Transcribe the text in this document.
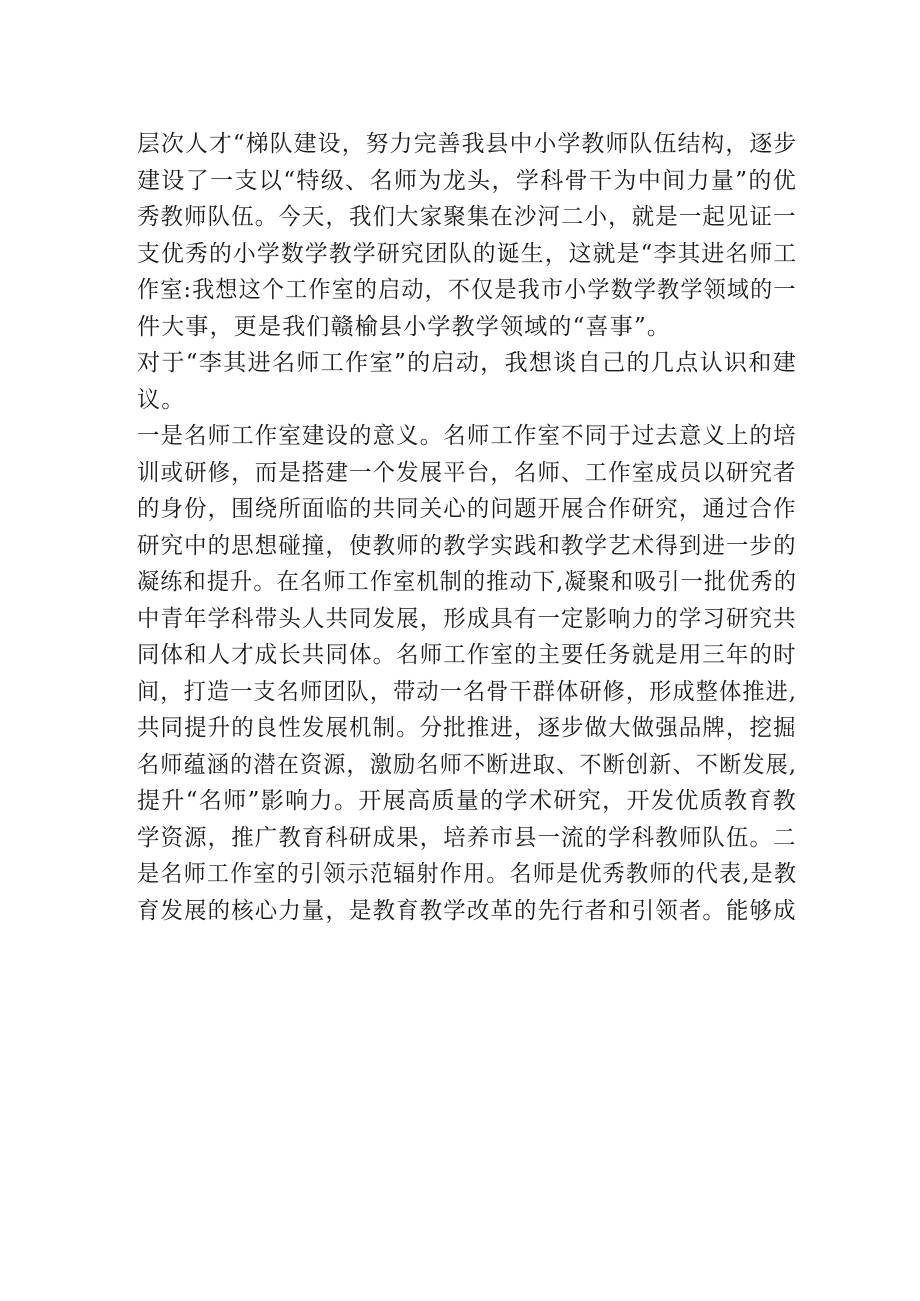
层次人才“梯队建设，努力完善我县中小学教师队伍结构，逐步
建设了一支以“特级、名师为龙头，学科骨干为中间力量”的优
秀教师队伍。今天，我们大家聚集在沙河二小，就是一起见证一
支优秀的小学数学教学研究团队的诞生，这就是“李其进名师工
作室:我想这个工作室的启动，不仅是我市小学数学教学领域的一
件大事，更是我们赣榆县小学教学领域的“喜事”。
对于“李其进名师工作室”的启动，我想谈自己的几点认识和建
议。
一是名师工作室建设的意义。名师工作室不同于过去意义上的培
训或研修，而是搭建一个发展平台，名师、工作室成员以研究者
的身份，围绕所面临的共同关心的问题开展合作研究，通过合作
研究中的思想碰撞，使教师的教学实践和教学艺术得到进一步的
凝练和提升。在名师工作室机制的推动下,凝聚和吸引一批优秀的
中青年学科带头人共同发展，形成具有一定影响力的学习研究共
同体和人才成长共同体。名师工作室的主要任务就是用三年的时
间，打造一支名师团队，带动一名骨干群体研修，形成整体推进,
共同提升的良性发展机制。分批推进，逐步做大做强品牌，挖掘
名师蕴涵的潜在资源，激励名师不断进取、不断创新、不断发展,
提升“名师”影响力。开展高质量的学术研究，开发优质教育教
学资源，推广教育科研成果，培养市县一流的学科教师队伍。二
是名师工作室的引领示范辐射作用。名师是优秀教师的代表,是教
育发展的核心力量，是教育教学改革的先行者和引领者。能够成
